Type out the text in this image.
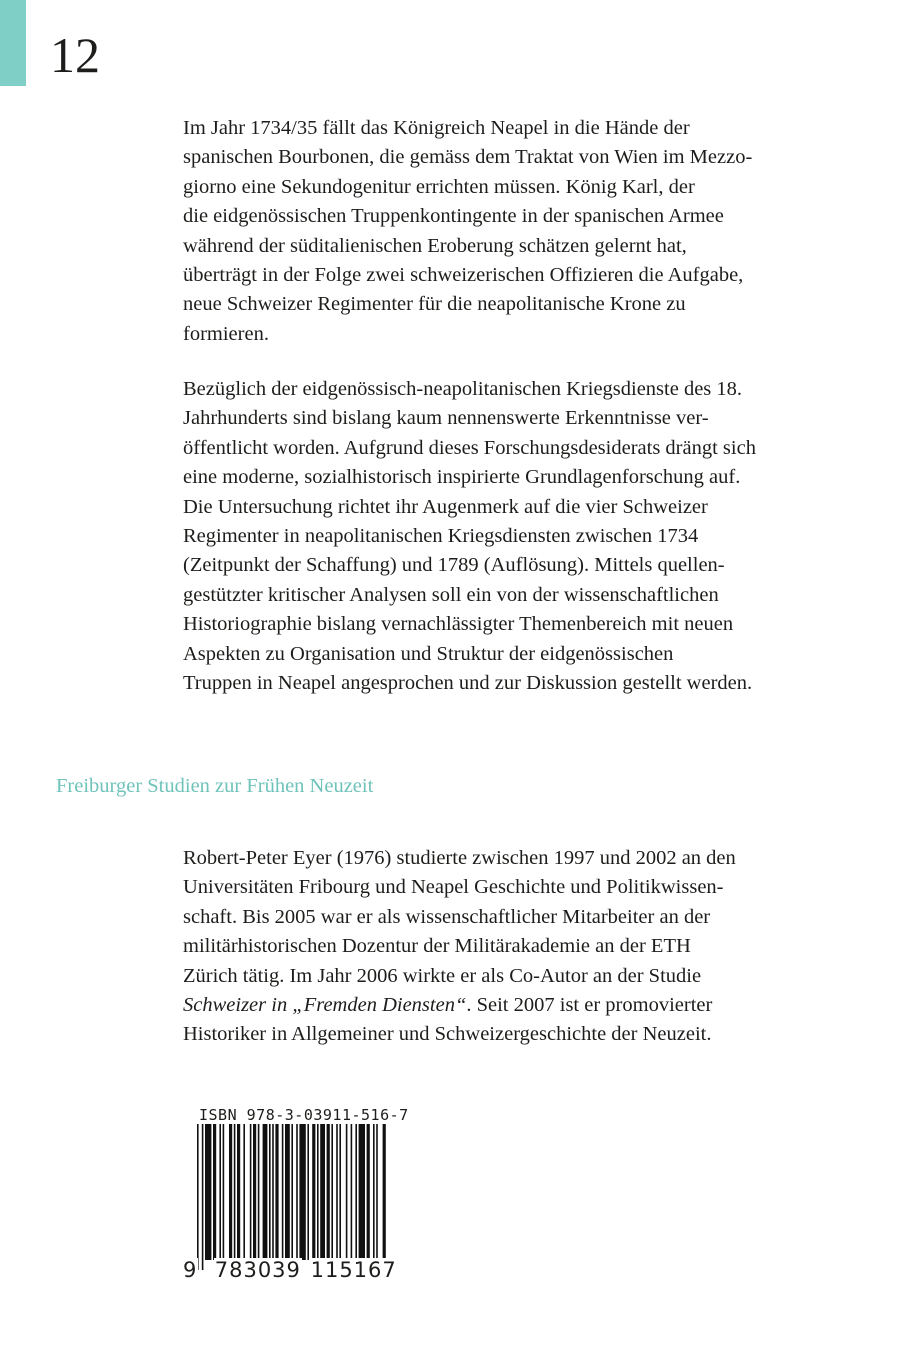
12
Im Jahr 1734/35 fällt das Königreich Neapel in die Hände der
spanischen Bourbonen, die gemäss dem Traktat von Wien im Mezzo-
giorno eine Sekundogenitur errichten müssen. König Karl, der
die eidgenössischen Truppenkontingente in der spanischen Armee
während der süditalienischen Eroberung schätzen gelernt hat,
überträgt in der Folge zwei schweizerischen Offizieren die Aufgabe,
neue Schweizer Regimenter für die neapolitanische Krone zu
formieren.
Bezüglich der eidgenössisch-neapolitanischen Kriegsdienste des 18.
Jahrhunderts sind bislang kaum nennenswerte Erkenntnisse ver-
öffentlicht worden. Aufgrund dieses Forschungsdesiderats drängt sich
eine moderne, sozialhistorisch inspirierte Grundlagenforschung auf.
Die Untersuchung richtet ihr Augenmerk auf die vier Schweizer
Regimenter in neapolitanischen Kriegsdiensten zwischen 1734
(Zeitpunkt der Schaffung) und 1789 (Auflösung). Mittels quellen-
gestützter kritischer Analysen soll ein von der wissenschaftlichen
Historiographie bislang vernachlässigter Themenbereich mit neuen
Aspekten zu Organisation und Struktur der eidgenössischen
Truppen in Neapel angesprochen und zur Diskussion gestellt werden.
Freiburger Studien zur Frühen Neuzeit
Robert-Peter Eyer (1976) studierte zwischen 1997 und 2002 an den
Universitäten Fribourg und Neapel Geschichte und Politikwissen-
schaft. Bis 2005 war er als wissenschaftlicher Mitarbeiter an der
militärhistorischen Dozentur der Militärakademie an der ETH
Zürich tätig. Im Jahr 2006 wirkte er als Co-Autor an der Studie
Schweizer in „Fremden Diensten“. Seit 2007 ist er promovierter
Historiker in Allgemeiner und Schweizergeschichte der Neuzeit.
ISBN 978-3-03911-516-7
9 783039 115167
